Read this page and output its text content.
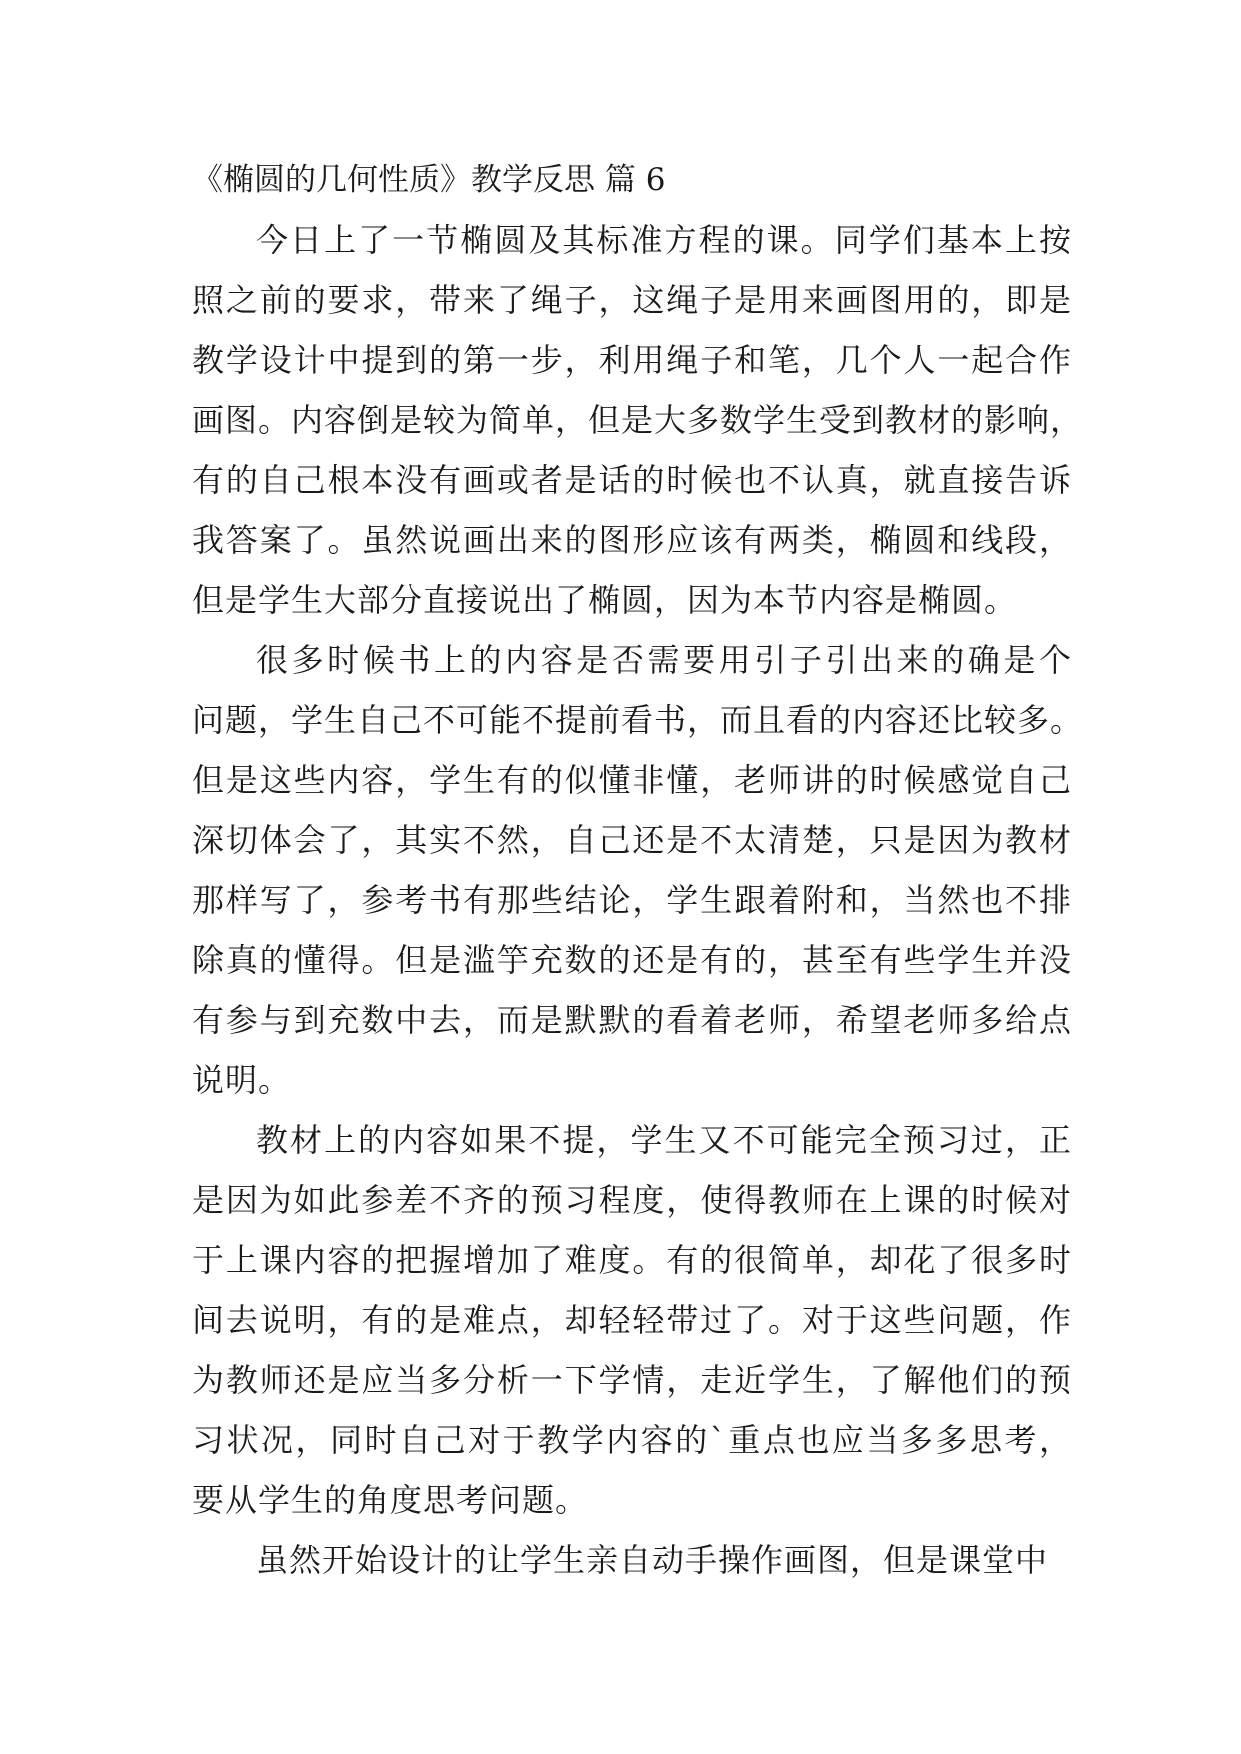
《椭圆的几何性质》教学反思 篇 6
今日上了一节椭圆及其标准方程的课。同学们基本上按
照之前的要求，带来了绳子，这绳子是用来画图用的，即是
教学设计中提到的第一步，利用绳子和笔，几个人一起合作
画图。内容倒是较为简单，但是大多数学生受到教材的影响，
有的自己根本没有画或者是话的时候也不认真，就直接告诉
我答案了。虽然说画出来的图形应该有两类，椭圆和线段，
但是学生大部分直接说出了椭圆，因为本节内容是椭圆。
很多时候书上的内容是否需要用引子引出来的确是个
问题，学生自己不可能不提前看书，而且看的内容还比较多。
但是这些内容，学生有的似懂非懂，老师讲的时候感觉自己
深切体会了，其实不然，自己还是不太清楚，只是因为教材
那样写了，参考书有那些结论，学生跟着附和，当然也不排
除真的懂得。但是滥竽充数的还是有的，甚至有些学生并没
有参与到充数中去，而是默默的看着老师，希望老师多给点
说明。
教材上的内容如果不提，学生又不可能完全预习过，正
是因为如此参差不齐的预习程度，使得教师在上课的时候对
于上课内容的把握增加了难度。有的很简单，却花了很多时
间去说明，有的是难点，却轻轻带过了。对于这些问题，作
为教师还是应当多分析一下学情，走近学生，了解他们的预
习状况，同时自己对于教学内容的`重点也应当多多思考，
要从学生的角度思考问题。
虽然开始设计的让学生亲自动手操作画图，但是课堂中
